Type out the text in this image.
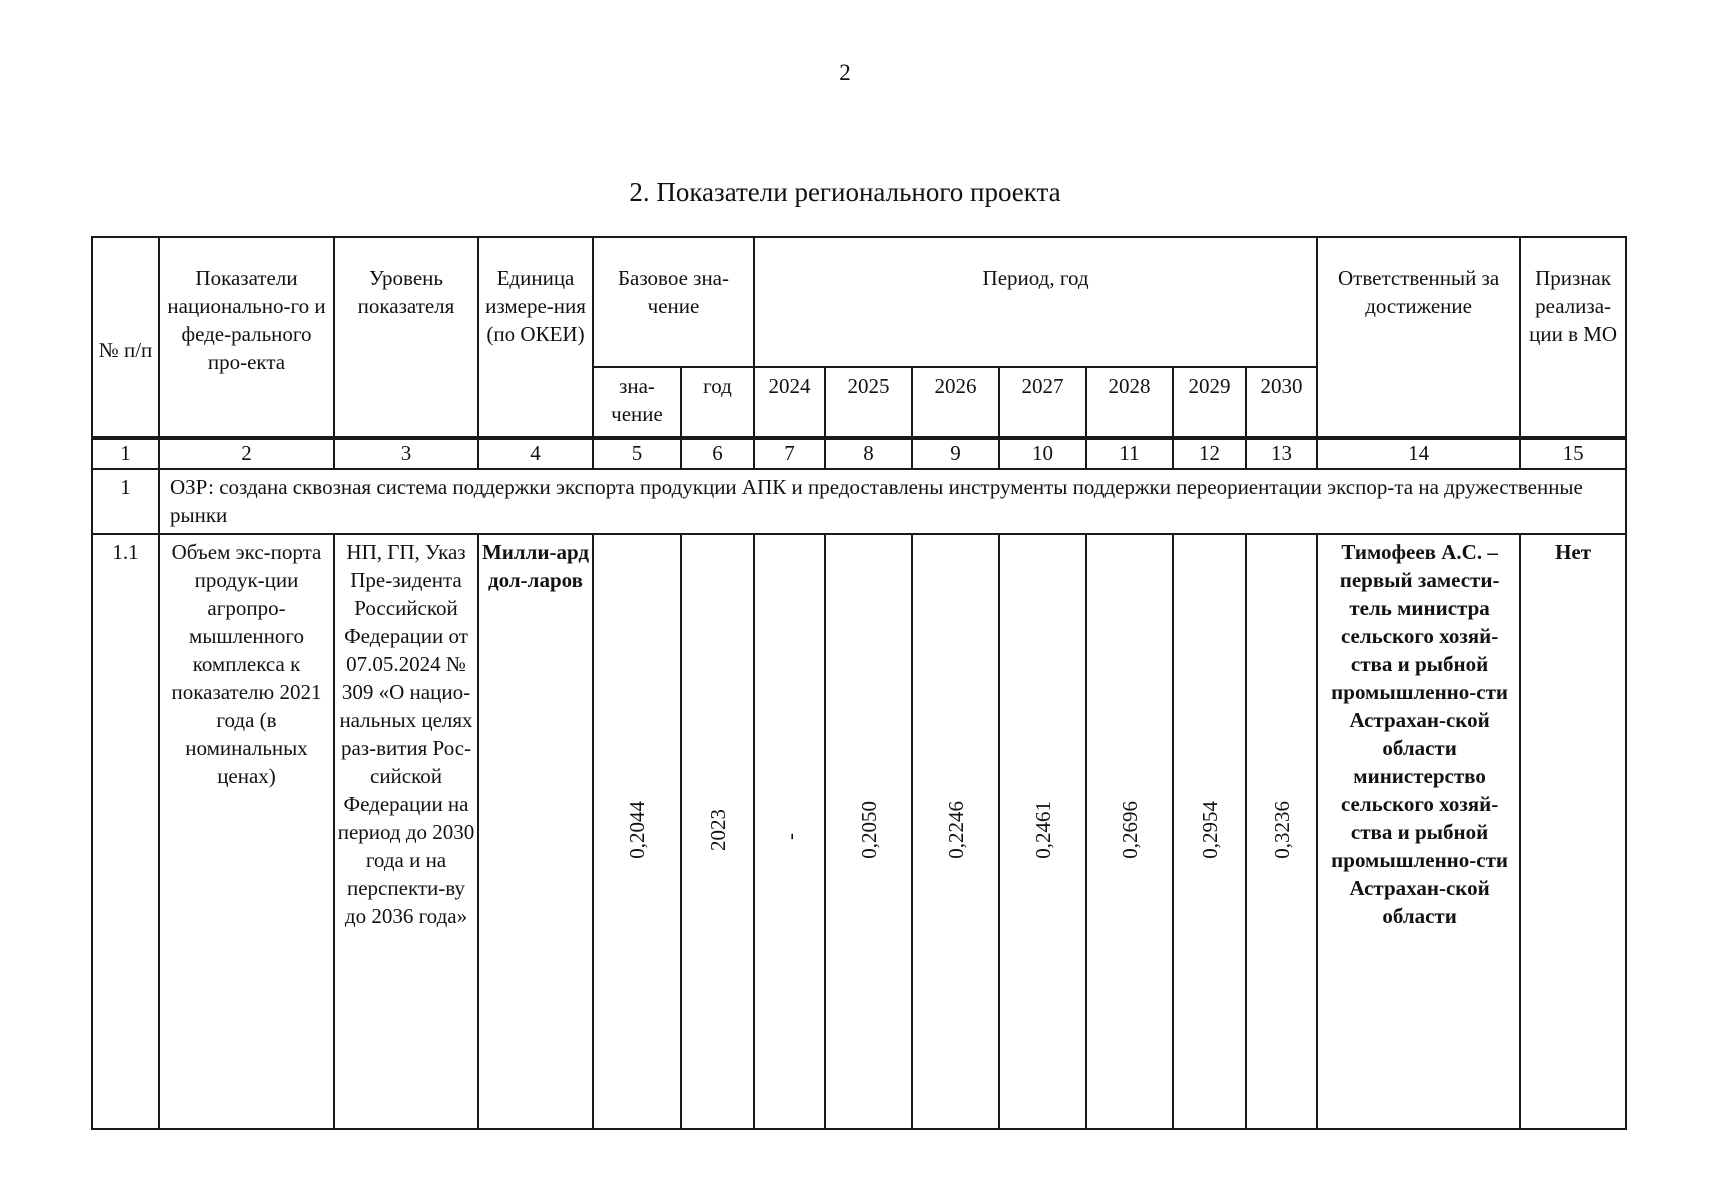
2
2. Показатели регионального проекта
№ п/п	Показатели национально-го и феде-рального про-екта	Уровень показателя	Единица измере-ния (по ОКЕИ)	Базовое зна-чение		Период, год							Ответственный за достижение	Признак реализа-ции в МО
				зна-чение	год	2024	2025	2026	2027	2028	2029	2030		
1	2	3	4	5	6	7	8	9	10	11	12	13	14	15
1	ОЗР: создана сквозная система поддержки экспорта продукции АПК и предоставлены инструменты поддержки переориентации экспор-та на дружественные рынки													
1.1	Объем экс-порта продук-ции агропро-мышленного комплекса к показателю 2021 года (в номинальных ценах)	НП, ГП, Указ Пре-зидента Российской Федерации от 07.05.2024 № 309 «О нацио-нальных целях раз-вития Рос-сийской Федерации на период до 2030 года и на перспекти-ву до 2036 года»	Милли-ард дол-ларов	0,2044	2023	-	0,2050	0,2246	0,2461	0,2696	0,2954	0,3236	Тимофеев А.С. – первый замести-тель министра сельского хозяй-ства и рыбной промышленно-сти Астрахан-ской области министерство сельского хозяй-ства и рыбной промышленно-сти Астрахан-ской области	Нет
